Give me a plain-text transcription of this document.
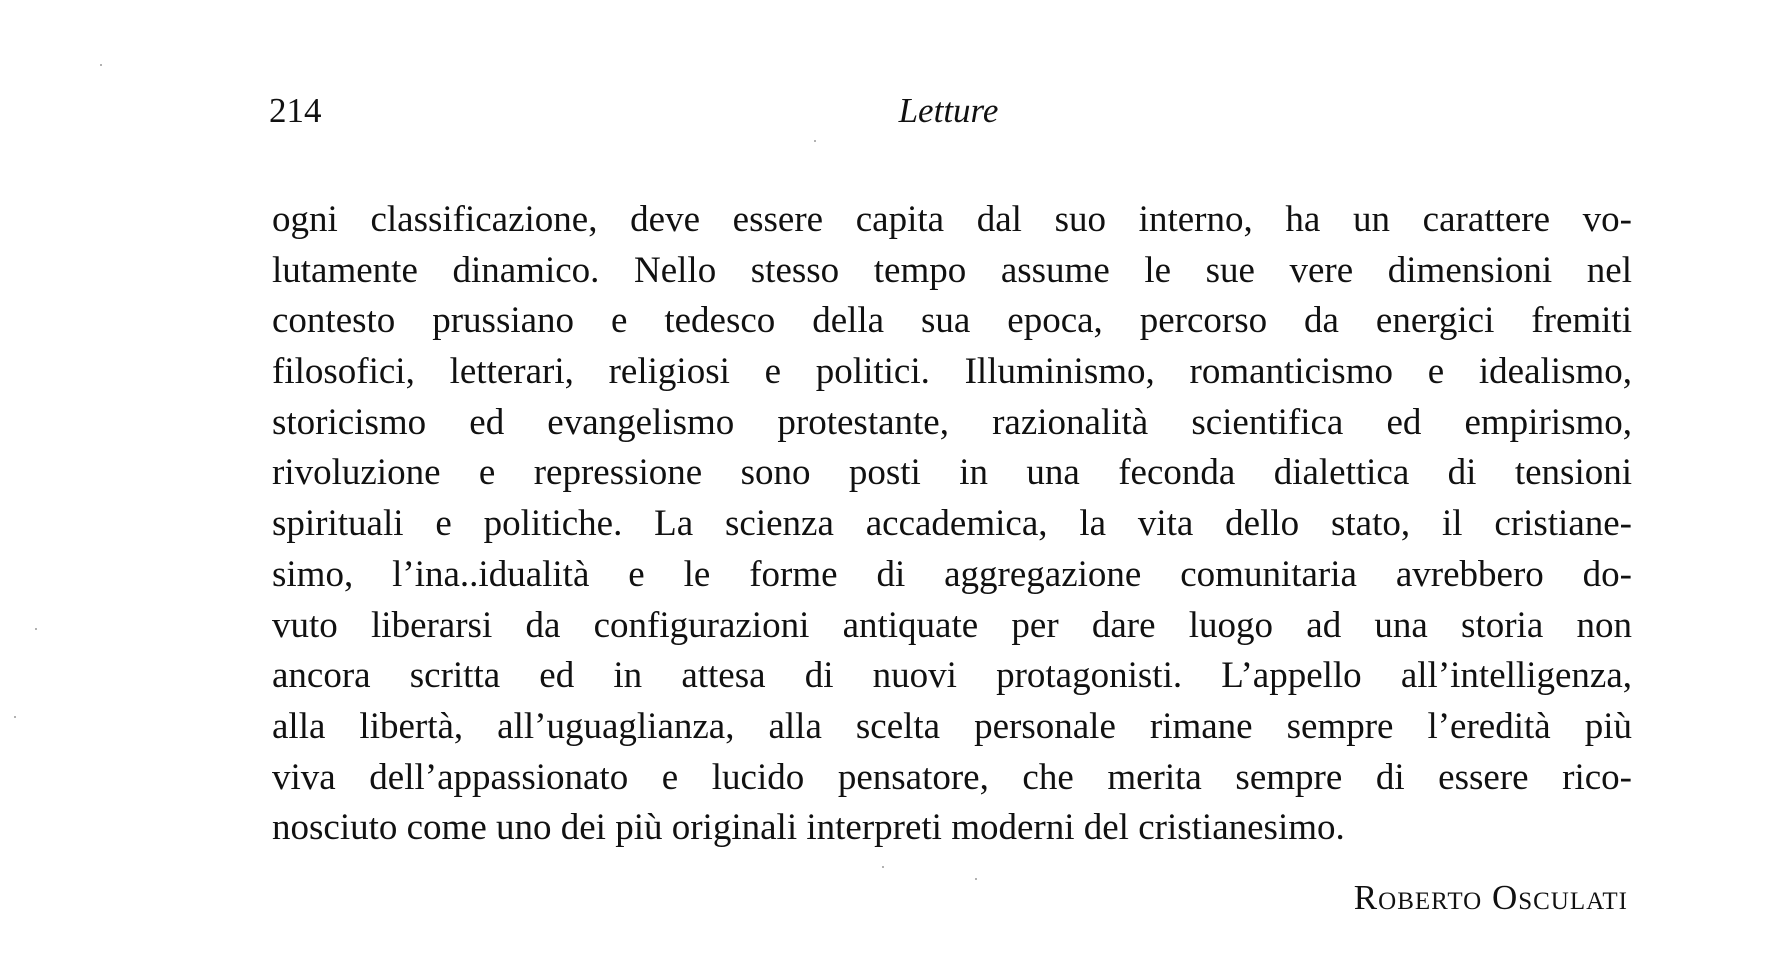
214	Letture
ogni classificazione, deve essere capita dal suo interno, ha un carattere vo-
lutamente dinamico. Nello stesso tempo assume le sue vere dimensioni nel
contesto prussiano e tedesco della sua epoca, percorso da energici fremiti
filosofici, letterari, religiosi e politici. Illuminismo, romanticismo e idealismo,
storicismo ed evangelismo protestante, razionalità scientifica ed empirismo,
rivoluzione e repressione sono posti in una feconda dialettica di tensioni
spirituali e politiche. La scienza accademica, la vita dello stato, il cristiane-
simo, l’ina..idualità e le forme di aggregazione comunitaria avrebbero do-
vuto liberarsi da configurazioni antiquate per dare luogo ad una storia non
ancora scritta ed in attesa di nuovi protagonisti. L’appello all’intelligenza,
alla libertà, all’uguaglianza, alla scelta personale rimane sempre l’eredità più
viva dell’appassionato e lucido pensatore, che merita sempre di essere rico-
nosciuto come uno dei più originali interpreti moderni del cristianesimo.
Roberto Osculati
